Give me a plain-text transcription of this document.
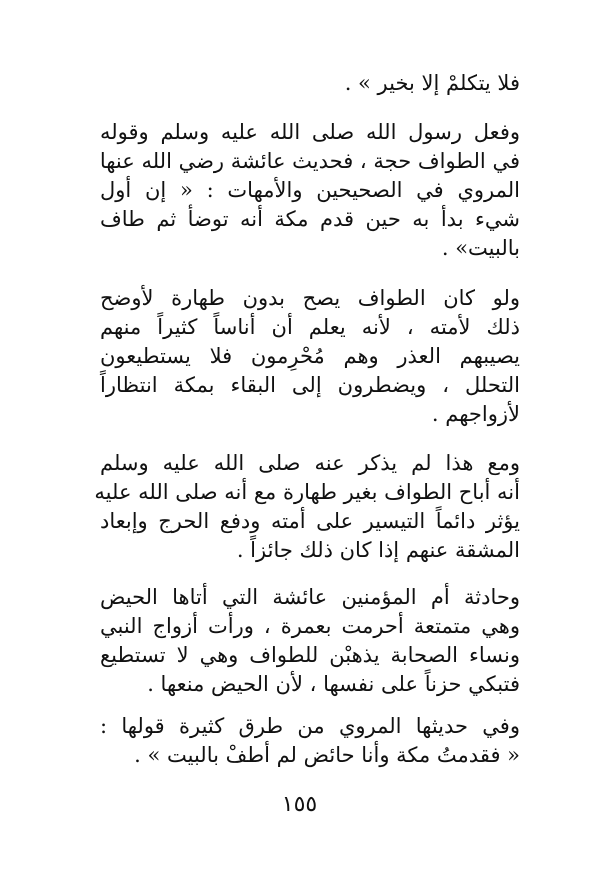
فلا يتكلمْ إلا بخير » .
وفعل رسول الله صلى الله عليه وسلم وقوله
في الطواف حجة ، فحديث عائشة رضي الله عنها
المروي في الصحيحين والأمهات : « إن أول
شيء بدأ به حين قدم مكة أنه توضأ ثم طاف
بالبيت» .
ولو كان الطواف يصح بدون طهارة لأوضح
ذلك لأمته ، لأنه يعلم أن أناساً كثيراً منهم
يصيبهم العذر وهم مُحْرِمون فلا يستطيعون
التحلل ، ويضطرون إلى البقاء بمكة انتظاراً
لأزواجهم .
ومع هذا لم يذكر عنه صلى الله عليه وسلم
أنه أباح الطواف بغير طهارة مع أنه صلى الله عليه
يؤثر دائماً التيسير على أمته ودفع الحرج وإبعاد
المشقة عنهم إذا كان ذلك جائزاً .
وحادثة أم المؤمنين عائشة التي أتاها الحيض
وهي متمتعة أحرمت بعمرة ، ورأت أزواج النبي
ونساء الصحابة يذهبْن للطواف وهي لا تستطيع
فتبكي حزناً على نفسها ، لأن الحيض منعها .
وفي حديثها المروي من طرق كثيرة قولها :
« فقدمتُ مكة وأنا حائض لم أطفْ بالبيت » .
١٥٥
